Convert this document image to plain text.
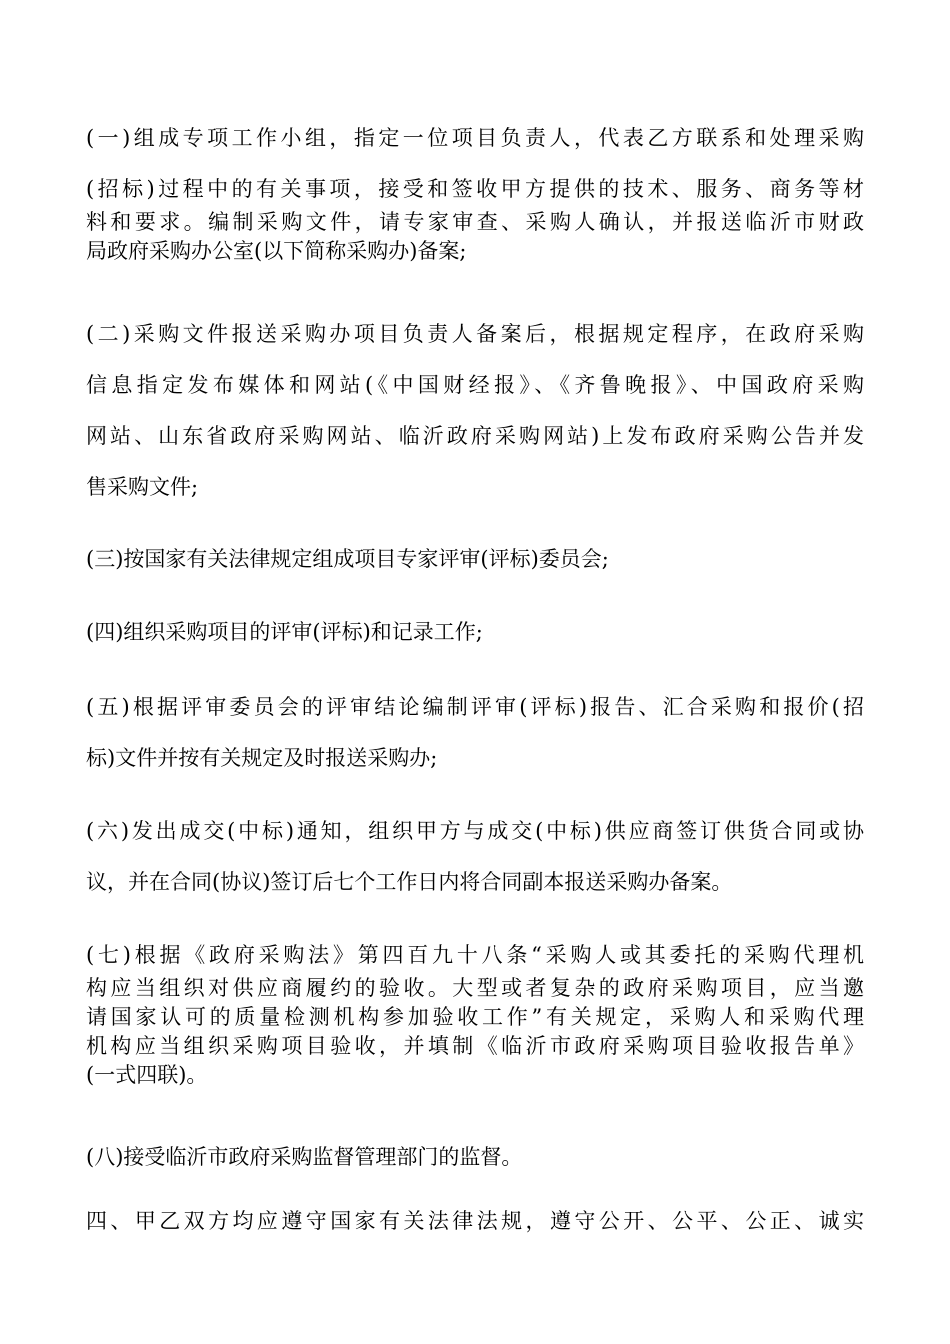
(一)组成专项工作小组，指定一位项目负责人，代表乙方联系和处理采购
(招标)过程中的有关事项，接受和签收甲方提供的技术、服务、商务等材
料和要求。编制采购文件，请专家审查、采购人确认，并报送临沂市财政
局政府采购办公室(以下简称采购办)备案;
(二)采购文件报送采购办项目负责人备案后，根据规定程序，在政府采购
信息指定发布媒体和网站(《中国财经报》、《齐鲁晚报》、中国政府采购
网站、山东省政府采购网站、临沂政府采购网站)上发布政府采购公告并发
售采购文件;
(三)按国家有关法律规定组成项目专家评审(评标)委员会;
(四)组织采购项目的评审(评标)和记录工作;
(五)根据评审委员会的评审结论编制评审(评标)报告、汇合采购和报价(招
标)文件并按有关规定及时报送采购办;
(六)发出成交(中标)通知，组织甲方与成交(中标)供应商签订供货合同或协
议，并在合同(协议)签订后七个工作日内将合同副本报送采购办备案。
(七)根据《政府采购法》第四百九十八条“采购人或其委托的采购代理机
构应当组织对供应商履约的验收。大型或者复杂的政府采购项目，应当邀
请国家认可的质量检测机构参加验收工作”有关规定，采购人和采购代理
机构应当组织采购项目验收，并填制《临沂市政府采购项目验收报告单》
(一式四联)。
(八)接受临沂市政府采购监督管理部门的监督。
四、甲乙双方均应遵守国家有关法律法规，遵守公开、公平、公正、诚实
